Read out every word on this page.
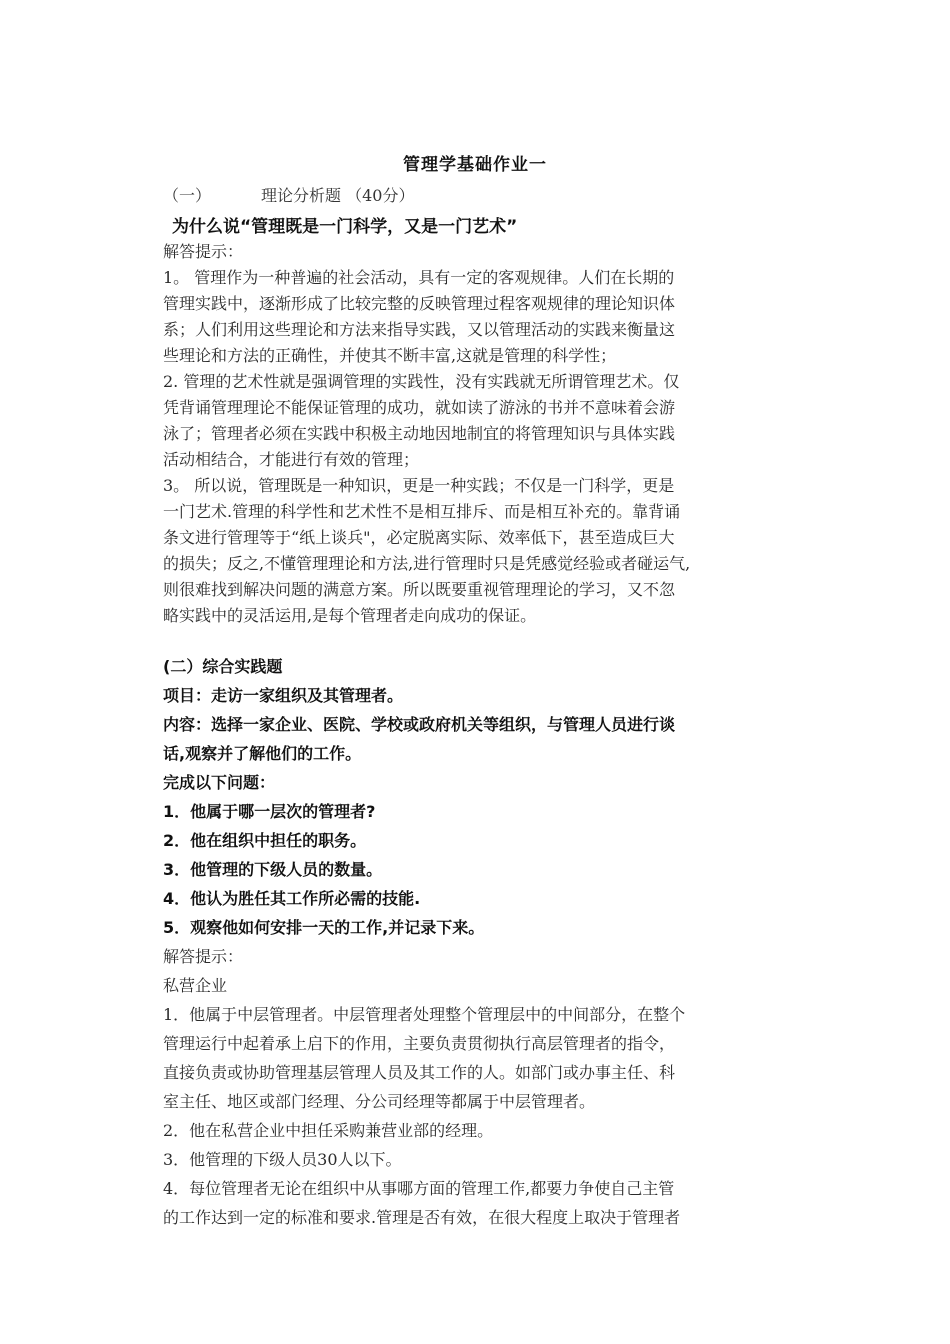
管理学基础作业一
（一）	理论分析题 （40分）
为什么说“管理既是一门科学，又是一门艺术”
解答提示：
1。 管理作为一种普遍的社会活动，具有一定的客观规律。人们在长期的
管理实践中，逐渐形成了比较完整的反映管理过程客观规律的理论知识体
系；人们利用这些理论和方法来指导实践，又以管理活动的实践来衡量这
些理论和方法的正确性，并使其不断丰富,这就是管理的科学性；
2. 管理的艺术性就是强调管理的实践性，没有实践就无所谓管理艺术。仅
凭背诵管理理论不能保证管理的成功，就如读了游泳的书并不意味着会游
泳了；管理者必须在实践中积极主动地因地制宜的将管理知识与具体实践
活动相结合，才能进行有效的管理；
3。 所以说，管理既是一种知识，更是一种实践；不仅是一门科学，更是
一门艺术.管理的科学性和艺术性不是相互排斥、而是相互补充的。靠背诵
条文进行管理等于“纸上谈兵"，必定脱离实际、效率低下，甚至造成巨大
的损失；反之,不懂管理理论和方法,进行管理时只是凭感觉经验或者碰运气,
则很难找到解决问题的满意方案。所以既要重视管理理论的学习，又不忽
略实践中的灵活运用,是每个管理者走向成功的保证。
(二）综合实践题
项目：走访一家组织及其管理者。
内容：选择一家企业、医院、学校或政府机关等组织，与管理人员进行谈
话,观察并了解他们的工作。
完成以下问题：
1．他属于哪一层次的管理者?
2．他在组织中担任的职务。
3．他管理的下级人员的数量。
4．他认为胜任其工作所必需的技能.
5．观察他如何安排一天的工作,并记录下来。
解答提示：
私营企业
1．他属于中层管理者。中层管理者处理整个管理层中的中间部分，在整个
管理运行中起着承上启下的作用，主要负责贯彻执行高层管理者的指令，
直接负责或协助管理基层管理人员及其工作的人。如部门或办事主任、科
室主任、地区或部门经理、分公司经理等都属于中层管理者。
2．他在私营企业中担任采购兼营业部的经理。
3．他管理的下级人员30人以下。
4．每位管理者无论在组织中从事哪方面的管理工作,都要力争使自己主管
的工作达到一定的标准和要求.管理是否有效，在很大程度上取决于管理者
